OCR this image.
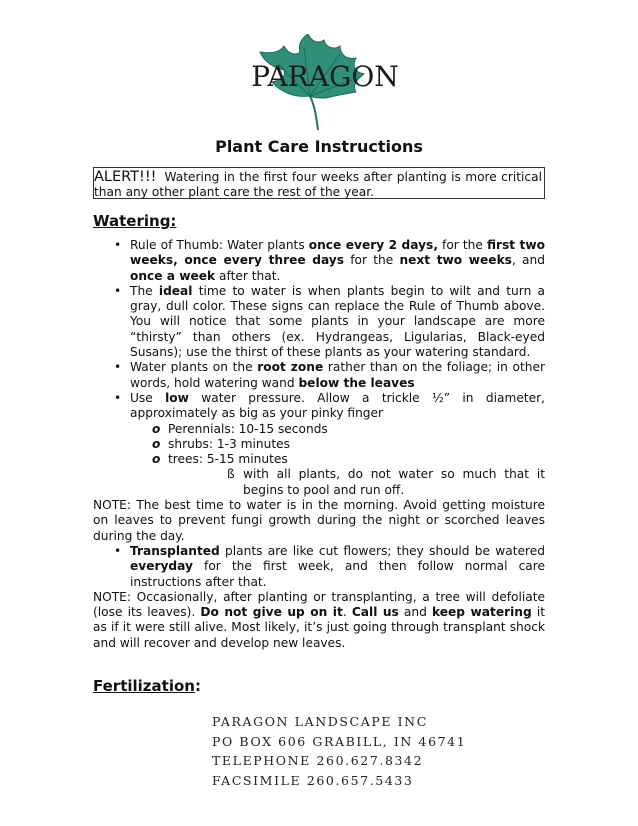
PARAGON
Plant Care Instructions
ALERT!!! Watering in the first four weeks after planting is more critical than any other plant care the rest of the year.
Watering:
• Rule of Thumb: Water plants once every 2 days, for the first two weeks, once every three days for the next two weeks, and once a week after that.
• The ideal time to water is when plants begin to wilt and turn a gray, dull color. These signs can replace the Rule of Thumb above. You will notice that some plants in your landscape are more “thirsty” than others (ex. Hydrangeas, Ligularias, Black-eyed Susans); use the thirst of these plants as your watering standard.
• Water plants on the root zone rather than on the foliage; in other words, hold watering wand below the leaves
• Use low water pressure. Allow a trickle ½” in diameter, approximately as big as your pinky finger
o Perennials: 10-15 seconds
o shrubs: 1-3 minutes
o trees: 5-15 minutes
ß with all plants, do not water so much that it begins to pool and run off.

NOTE: The best time to water is in the morning. Avoid getting moisture on leaves to prevent fungi growth during the night or scorched leaves during the day.

• Transplanted plants are like cut flowers; they should be watered everyday for the first week, and then follow normal care instructions after that.

NOTE: Occasionally, after planting or transplanting, a tree will defoliate (lose its leaves). Do not give up on it. Call us and keep watering it as if it were still alive. Most likely, it’s just going through transplant shock and will recover and develop new leaves.

Fertilization:
PARAGON LANDSCAPE INC
PO BOX 606 GRABILL, IN 46741
TELEPHONE 260.627.8342
FACSIMILE 260.657.5433
